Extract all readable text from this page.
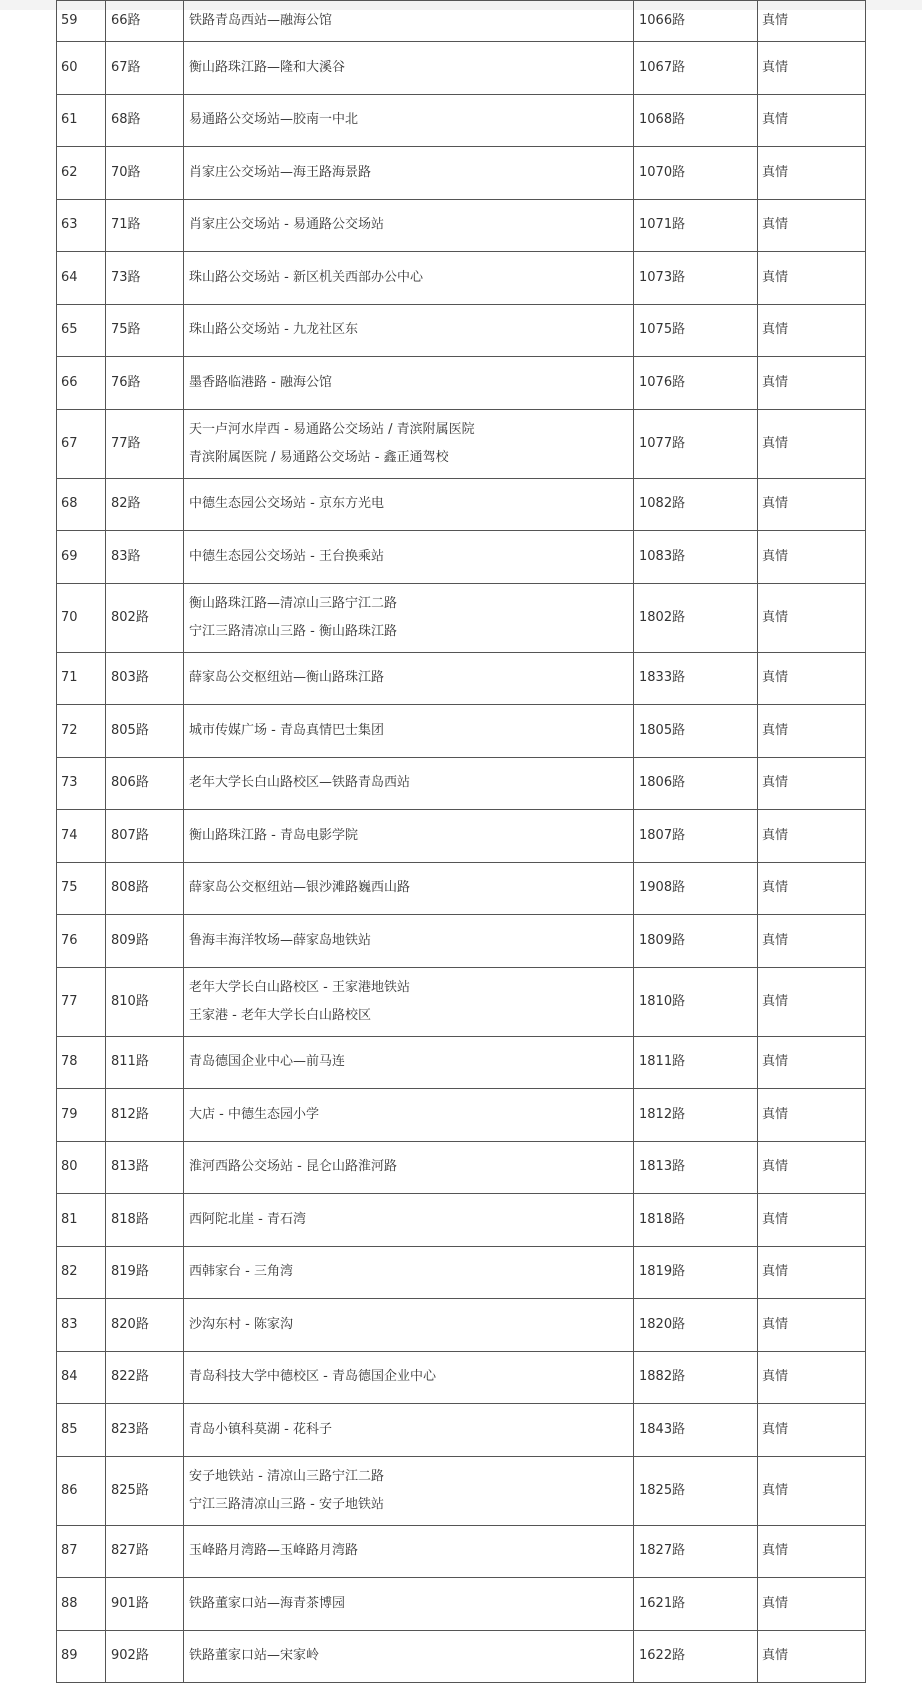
59	66路	铁路青岛西站—融海公馆	1066路	真情
60	67路	衡山路珠江路—隆和大溪谷	1067路	真情
61	68路	易通路公交场站—胶南一中北	1068路	真情
62	70路	肖家庄公交场站—海王路海景路	1070路	真情
63	71路	肖家庄公交场站 - 易通路公交场站	1071路	真情
64	73路	珠山路公交场站 - 新区机关西部办公中心	1073路	真情
65	75路	珠山路公交场站 - 九龙社区东	1075路	真情
66	76路	墨香路临港路 - 融海公馆	1076路	真情
67	77路	天一卢河水岸西 - 易通路公交场站 / 青滨附属医院
青滨附属医院 / 易通路公交场站 - 鑫正通驾校	1077路	真情
68	82路	中德生态园公交场站 - 京东方光电	1082路	真情
69	83路	中德生态园公交场站 - 王台换乘站	1083路	真情
70	802路	衡山路珠江路—清凉山三路宁江二路
宁江三路清凉山三路 - 衡山路珠江路	1802路	真情
71	803路	薛家岛公交枢纽站—衡山路珠江路	1833路	真情
72	805路	城市传媒广场 - 青岛真情巴士集团	1805路	真情
73	806路	老年大学长白山路校区—铁路青岛西站	1806路	真情
74	807路	衡山路珠江路 - 青岛电影学院	1807路	真情
75	808路	薛家岛公交枢纽站—银沙滩路巍西山路	1908路	真情
76	809路	鲁海丰海洋牧场—薛家岛地铁站	1809路	真情
77	810路	老年大学长白山路校区 - 王家港地铁站
王家港 - 老年大学长白山路校区	1810路	真情
78	811路	青岛德国企业中心—前马连	1811路	真情
79	812路	大店 - 中德生态园小学	1812路	真情
80	813路	淮河西路公交场站 - 昆仑山路淮河路	1813路	真情
81	818路	西阿陀北崖 - 青石湾	1818路	真情
82	819路	西韩家台 - 三角湾	1819路	真情
83	820路	沙沟东村 - 陈家沟	1820路	真情
84	822路	青岛科技大学中德校区 - 青岛德国企业中心	1882路	真情
85	823路	青岛小镇科莫湖 - 花科子	1843路	真情
86	825路	安子地铁站 - 清凉山三路宁江二路
宁江三路清凉山三路 - 安子地铁站	1825路	真情
87	827路	玉峰路月湾路—玉峰路月湾路	1827路	真情
88	901路	铁路董家口站—海青茶博园	1621路	真情
89	902路	铁路董家口站—宋家岭	1622路	真情
